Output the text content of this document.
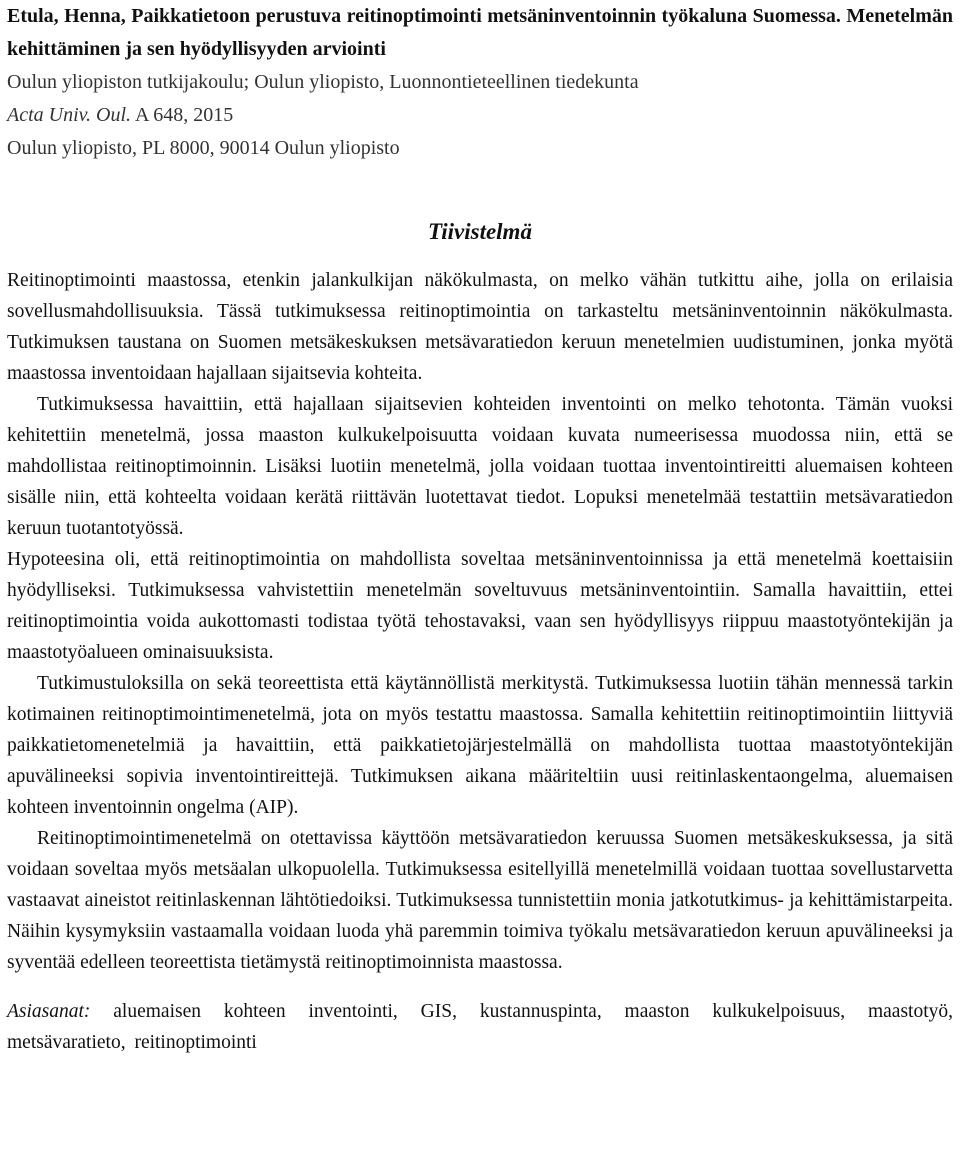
Etula, Henna, Paikkatietoon perustuva reitinoptimointi metsäninventoinnin työkaluna Suomessa. Menetelmän kehittäminen ja sen hyödyllisyyden arviointi
Oulun yliopiston tutkijakoulu; Oulun yliopisto, Luonnontieteellinen tiedekunta
Acta Univ. Oul. A 648, 2015
Oulun yliopisto, PL 8000, 90014 Oulun yliopisto
Tiivistelmä

Reitinoptimointi maastossa, etenkin jalankulkijan näkökulmasta, on melko vähän tutkittu aihe, jolla on erilaisia sovellusmahdollisuuksia. Tässä tutkimuksessa reitinoptimointia on tarkasteltu metsäninventoinnin näkökulmasta. Tutkimuksen taustana on Suomen metsäkeskuksen metsävaratiedon keruun menetelmien uudistuminen, jonka myötä maastossa inventoidaan hajallaan sijaitsevia kohteita.

Tutkimuksessa havaittiin, että hajallaan sijaitsevien kohteiden inventointi on melko tehotonta. Tämän vuoksi kehitettiin menetelmä, jossa maaston kulkukelpoisuutta voidaan kuvata numeerisessa muodossa niin, että se mahdollistaa reitinoptimoinnin. Lisäksi luotiin menetelmä, jolla voidaan tuottaa inventointireitti aluemaisen kohteen sisälle niin, että kohteelta voidaan kerätä riittävän luotettavat tiedot. Lopuksi menetelmää testattiin metsävaratiedon keruun tuotantotyössä.

Hypoteesina oli, että reitinoptimointia on mahdollista soveltaa metsäninventoinnissa ja että menetelmä koettaisiin hyödylliseksi. Tutkimuksessa vahvistettiin menetelmän soveltuvuus metsäninventointiin. Samalla havaittiin, ettei reitinoptimointia voida aukottomasti todistaa työtä tehostavaksi, vaan sen hyödyllisyys riippuu maastotyöntekijän ja maastotyöalueen ominaisuuksista.

Tutkimustuloksilla on sekä teoreettista että käytännöllistä merkitystä. Tutkimuksessa luotiin tähän mennessä tarkin kotimainen reitinoptimointimenetelmä, jota on myös testattu maastossa. Samalla kehitettiin reitinoptimointiin liittyviä paikkatietomenetelmiä ja havaittiin, että paikkatietojärjestelmällä on mahdollista tuottaa maastotyöntekijän apuvälineeksi sopivia inventointireittejä. Tutkimuksen aikana määriteltiin uusi reitinlaskentaongelma, aluemaisen kohteen inventoinnin ongelma (AIP).

Reitinoptimointimenetelmä on otettavissa käyttöön metsävaratiedon keruussa Suomen metsäkeskuksessa, ja sitä voidaan soveltaa myös metsäalan ulkopuolella. Tutkimuksessa esitellyillä menetelmillä voidaan tuottaa sovellustarvetta vastaavat aineistot reitinlaskennan lähtötiedoiksi. Tutkimuksessa tunnistettiin monia jatkotutkimus- ja kehittämistarpeita. Näihin kysymyksiin vastaamalla voidaan luoda yhä paremmin toimiva työkalu metsävaratiedon keruun apuvälineeksi ja syventää edelleen teoreettista tietämystä reitinoptimoinnista maastossa.

Asiasanat: aluemaisen kohteen inventointi, GIS, kustannuspinta, maaston kulkukelpoisuus, maastotyö, metsävaratieto, reitinoptimointi
